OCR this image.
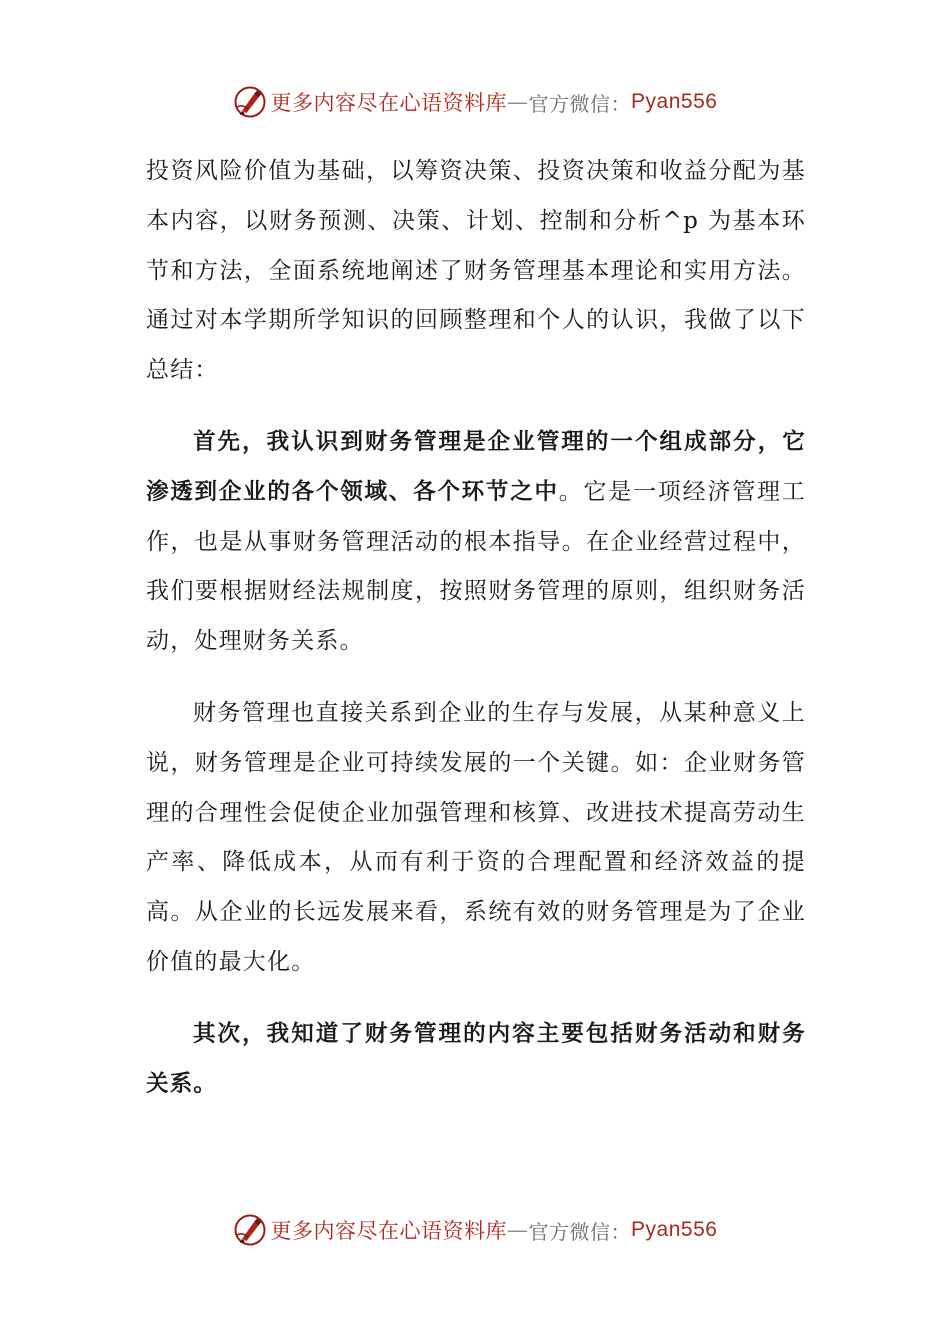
更多内容尽在心语资料库 — 官方微信： Pyan556

投资风险价值为基础，以筹资决策、投资决策和收益分配为基本内容，以财务预测、决策、计划、控制和分析^p 为基本环节和方法，全面系统地阐述了财务管理基本理论和实用方法。通过对本学期所学知识的回顾整理和个人的认识，我做了以下总结：

首先，我认识到财务管理是企业管理的一个组成部分，它渗透到企业的各个领域、各个环节之中。它是一项经济管理工作，也是从事财务管理活动的根本指导。在企业经营过程中，我们要根据财经法规制度，按照财务管理的原则，组织财务活动，处理财务关系。

财务管理也直接关系到企业的生存与发展，从某种意义上说，财务管理是企业可持续发展的一个关键。如：企业财务管理的合理性会促使企业加强管理和核算、改进技术提高劳动生产率、降低成本，从而有利于资的合理配置和经济效益的提高。从企业的长远发展来看，系统有效的财务管理是为了企业价值的最大化。

其次，我知道了财务管理的内容主要包括财务活动和财务关系。

更多内容尽在心语资料库 — 官方微信： Pyan556
